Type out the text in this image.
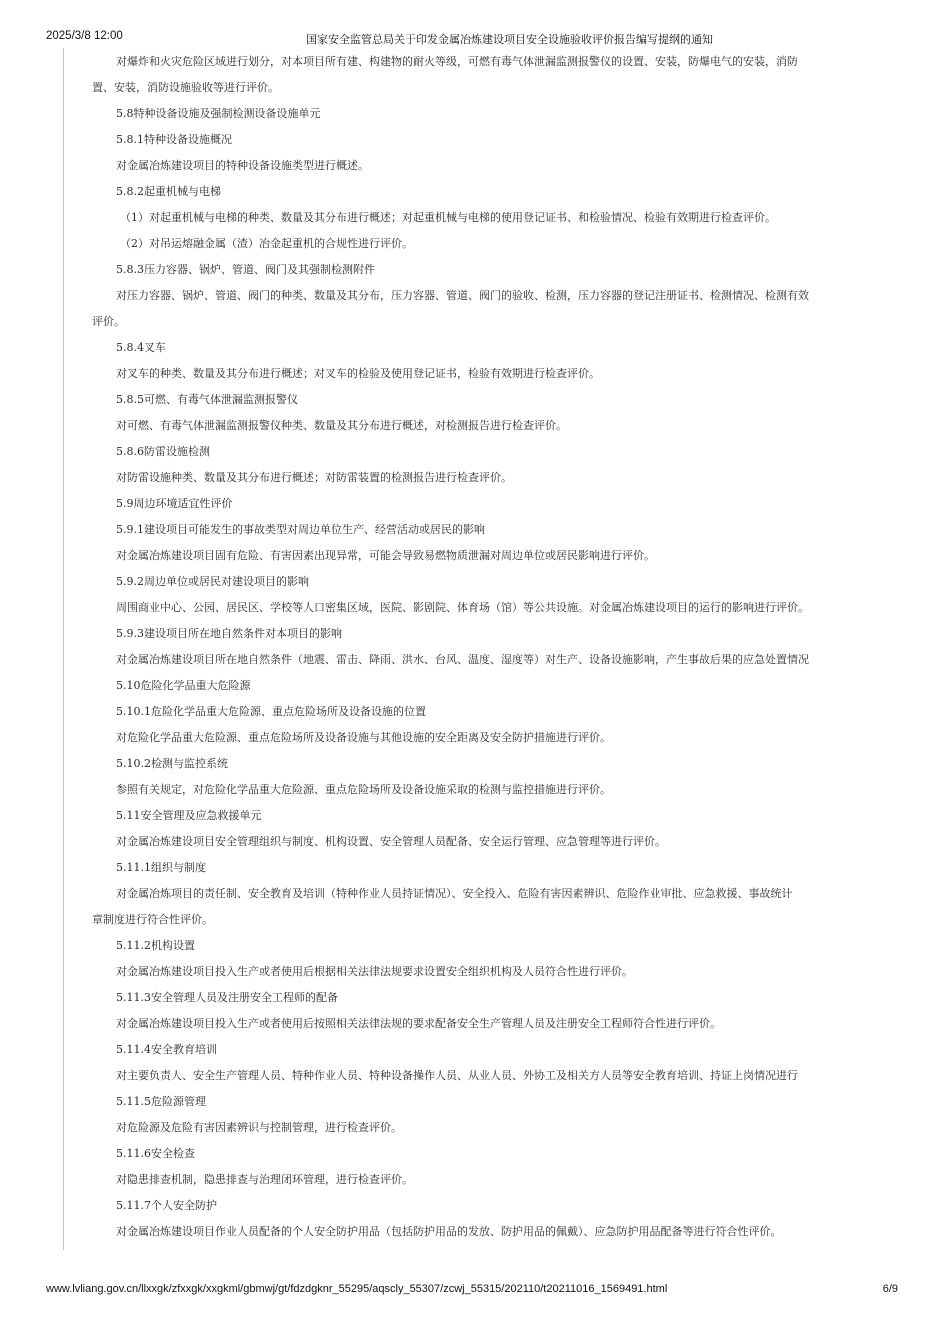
2025/3/8 12:00	国家安全监管总局关于印发金属冶炼建设项目安全设施验收评价报告编写提纲的通知
对爆炸和火灾危险区域进行划分，对本项目所有建、构建物的耐火等级，可燃有毒气体泄漏监测报警仪的设置、安装，防爆电气的安装，消防
置、安装，消防设施验收等进行评价。
5.8特种设备设施及强制检测设备设施单元
5.8.1特种设备设施概况
对金属冶炼建设项目的特种设备设施类型进行概述。
5.8.2起重机械与电梯
（1）对起重机械与电梯的种类、数量及其分布进行概述；对起重机械与电梯的使用登记证书、和检验情况、检验有效期进行检查评价。
（2）对吊运熔融金属（渣）冶金起重机的合规性进行评价。
5.8.3压力容器、锅炉、管道、阀门及其强制检测附件
对压力容器、锅炉、管道、阀门的种类、数量及其分布，压力容器、管道、阀门的验收、检测，压力容器的登记注册证书、检测情况、检测有效
评价。
5.8.4叉车
对叉车的种类、数量及其分布进行概述；对叉车的检验及使用登记证书，检验有效期进行检查评价。
5.8.5可燃、有毒气体泄漏监测报警仪
对可燃、有毒气体泄漏监测报警仪种类、数量及其分布进行概述，对检测报告进行检查评价。
5.8.6防雷设施检测
对防雷设施种类、数量及其分布进行概述；对防雷装置的检测报告进行检查评价。
5.9周边环境适宜性评价
5.9.1建设项目可能发生的事故类型对周边单位生产、经营活动或居民的影响
对金属冶炼建设项目固有危险、有害因素出现异常，可能会导致易燃物质泄漏对周边单位或居民影响进行评价。
5.9.2周边单位或居民对建设项目的影响
周围商业中心、公园、居民区、学校等人口密集区域，医院、影剧院、体育场（馆）等公共设施。对金属冶炼建设项目的运行的影响进行评价。
5.9.3建设项目所在地自然条件对本项目的影响
对金属冶炼建设项目所在地自然条件（地震、雷击、降雨、洪水、台风、温度、湿度等）对生产、设备设施影响，产生事故后果的应急处置情况
5.10危险化学品重大危险源
5.10.1危险化学品重大危险源、重点危险场所及设备设施的位置
对危险化学品重大危险源、重点危险场所及设备设施与其他设施的安全距离及安全防护措施进行评价。
5.10.2检测与监控系统
参照有关规定，对危险化学品重大危险源、重点危险场所及设备设施采取的检测与监控措施进行评价。
5.11安全管理及应急救援单元
对金属冶炼建设项目安全管理组织与制度、机构设置、安全管理人员配备、安全运行管理、应急管理等进行评价。
5.11.1组织与制度
对金属冶炼项目的责任制、安全教育及培训（特种作业人员持证情况）、安全投入、危险有害因素辨识、危险作业审批、应急救援、事故统计
章制度进行符合性评价。
5.11.2机构设置
对金属冶炼建设项目投入生产或者使用后根据相关法律法规要求设置安全组织机构及人员符合性进行评价。
5.11.3安全管理人员及注册安全工程师的配备
对金属冶炼建设项目投入生产或者使用后按照相关法律法规的要求配备安全生产管理人员及注册安全工程师符合性进行评价。
5.11.4安全教育培训
对主要负责人、安全生产管理人员、特种作业人员、特种设备操作人员、从业人员、外协工及相关方人员等安全教育培训、持证上岗情况进行
5.11.5危险源管理
对危险源及危险有害因素辨识与控制管理，进行检查评价。
5.11.6安全检查
对隐患排查机制，隐患排查与治理闭环管理，进行检查评价。
5.11.7个人安全防护
对金属冶炼建设项目作业人员配备的个人安全防护用品（包括防护用品的发放、防护用品的佩戴）、应急防护用品配备等进行符合性评价。
www.lvliang.gov.cn/llxxgk/zfxxgk/xxgkml/gbmwj/gt/fdzdgknr_55295/aqscly_55307/zcwj_55315/202110/t20211016_1569491.html	6/9
